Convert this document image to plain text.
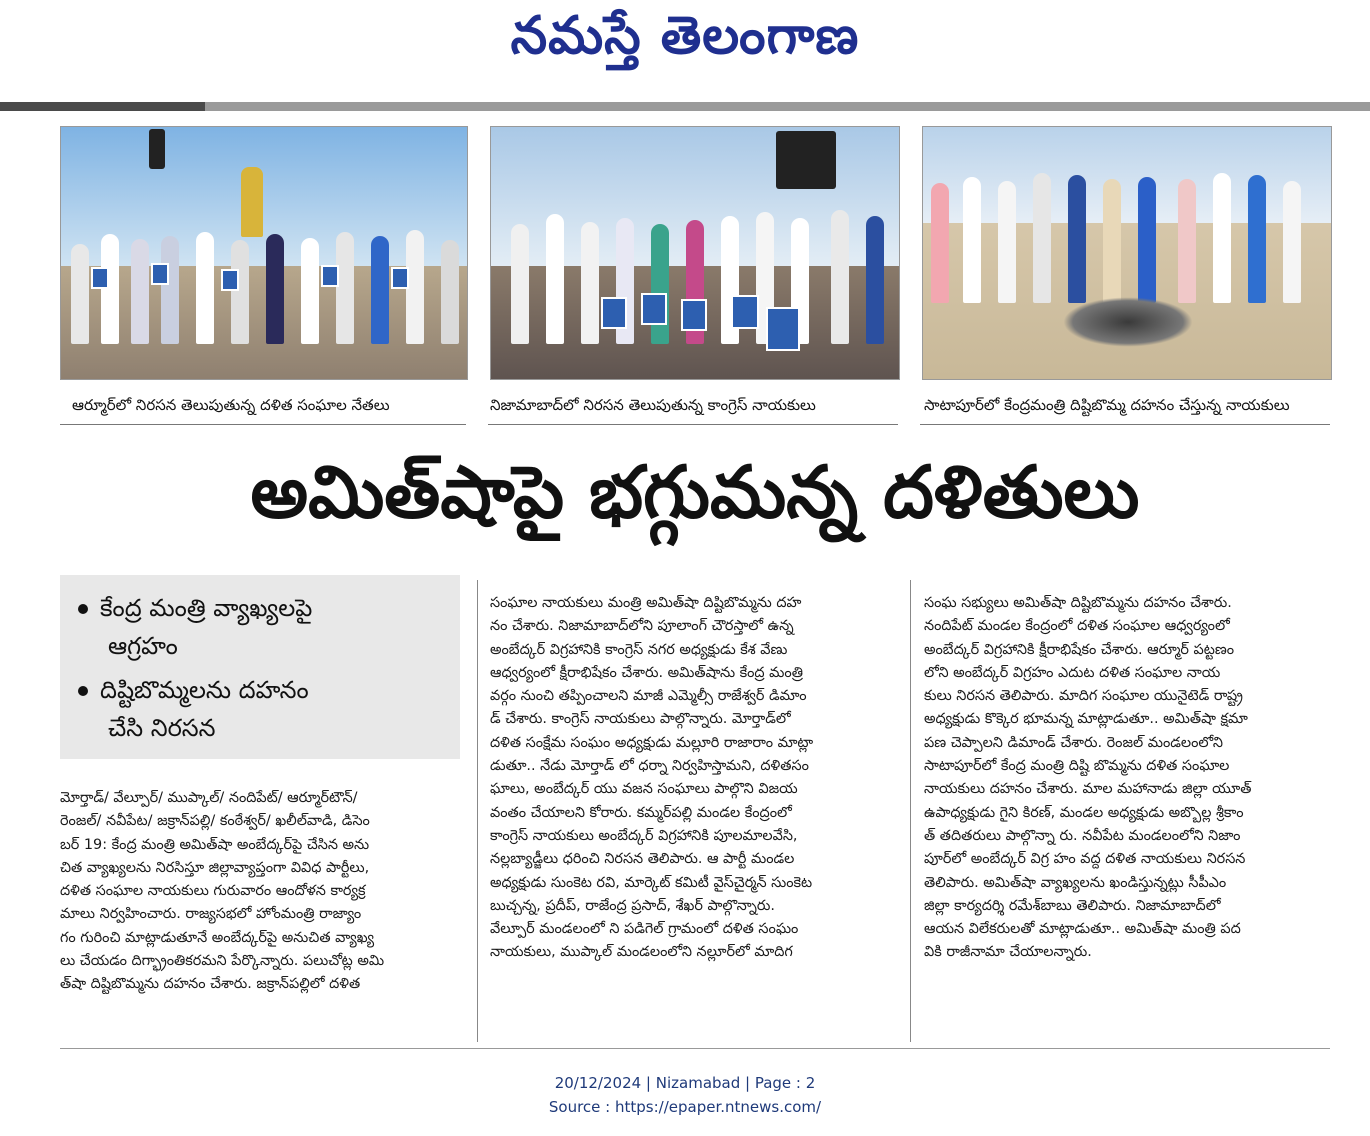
నమస్తే తెలంగాణ
ఆర్మూర్‌లో నిరసన తెలుపుతున్న దళిత సంఘాల నేతలు	నిజామాబాద్‌లో నిరసన తెలుపుతున్న కాంగ్రెస్‌ నాయకులు	సాటాపూర్‌లో కేంద్రమంత్రి దిష్టిబొమ్మ దహనం చేస్తున్న నాయకులు
అమిత్‌షాపై భగ్గుమన్న దళితులు
కేంద్ర మంత్రి వ్యాఖ్యలపై
ఆగ్రహం
దిష్టిబొమ్మలను దహనం
చేసి నిరసన

మోర్తాడ్‌/ వేల్పూర్‌/ ముప్కాల్‌/ నందిపేట్‌/ ఆర్మూర్‌టౌన్‌/

రెంజల్‌/ నవీపేట/ జక్రాన్‌పల్లి/ కంఠేశ్వర్‌/ ఖలీల్‌వాడి, డిసెం

బర్‌ 19: కేంద్ర మంత్రి అమిత్‌షా అంబేద్కర్‌పై చేసిన అను

చిత వ్యాఖ్యలను నిరసిస్తూ జిల్లావ్యాప్తంగా వివిధ పార్టీలు,

దళిత సంఘాల నాయకులు గురువారం ఆందోళన కార్యక్ర

మాలు నిర్వహించారు. రాజ్యసభలో హోంమంత్రి రాజ్యాం

గం గురించి మాట్లాడుతూనే అంబేద్కర్‌పై అనుచిత వ్యాఖ్య

లు చేయడం దిగ్భ్రాంతికరమని పేర్కొన్నారు. పలుచోట్ల అమి

త్‌షా దిష్టిబొమ్మను దహనం చేశారు. జక్రాన్‌పల్లిలో దళిత

సంఘాల నాయకులు మంత్రి అమిత్‌షా దిష్టిబొమ్మను దహ

నం చేశారు. నిజామాబాద్‌లోని పూలాంగ్‌ చౌరస్తాలో ఉన్న

అంబేద్కర్‌ విగ్రహానికి కాంగ్రెస్‌ నగర అధ్యక్షుడు కేశ వేణు

ఆధ్వర్యంలో క్షీరాభిషేకం చేశారు. అమిత్‌షాను కేంద్ర మంత్రి

వర్గం నుంచి తప్పించాలని మాజీ ఎమ్మెల్సీ రాజేశ్వర్‌ డిమాం

డ్‌ చేశారు. కాంగ్రెస్‌ నాయకులు పాల్గొన్నారు. మోర్తాడ్‌లో

దళిత సంక్షేమ సంఘం అధ్యక్షుడు మల్లూరి రాజారాం మాట్లా

డుతూ.. నేడు మోర్తాడ్‌ లో ధర్నా నిర్వహిస్తామని, దళితసం

ఘాలు, అంబేద్కర్‌ యు వజన సంఘాలు పాల్గొని విజయ

వంతం చేయాలని కోరారు. కమ్మర్‌పల్లి మండల కేంద్రంలో

కాంగ్రెస్‌ నాయకులు అంబేద్కర్‌ విగ్రహానికి పూలమాలవేసి,

నల్లబ్యాడ్జీలు ధరించి నిరసన తెలిపారు. ఆ పార్టీ మండల

అధ్యక్షుడు సుంకెట రవి, మార్కెట్‌ కమిటీ వైస్‌చైర్మన్‌ సుంకెట

బుచ్చన్న, ప్రదీప్‌, రాజేంద్ర ప్రసాద్‌, శేఖర్‌ పాల్గొన్నారు.

వేల్పూర్‌ మండలంలో ని పడిగెల్‌ గ్రామంలో దళిత సంఘం

నాయకులు, ముప్కాల్‌ మండలంలోని నల్లూర్‌లో మాదిగ

సంఘ సభ్యులు అమిత్‌షా దిష్టిబొమ్మను దహనం చేశారు.

నందిపేట్‌ మండల కేంద్రంలో దళిత సంఘాల ఆధ్వర్యంలో

అంబేద్కర్‌ విగ్రహానికి క్షీరాభిషేకం చేశారు. ఆర్మూర్‌ పట్టణం

లోని అంబేద్కర్‌ విగ్రహం ఎదుట దళిత సంఘాల నాయ

కులు నిరసన తెలిపారు. మాదిగ సంఘాల యునైటెడ్‌ రాష్ట్ర

అధ్యక్షుడు కొక్కెర భూమన్న మాట్లాడుతూ.. అమిత్‌షా క్షమా

పణ చెప్పాలని డిమాండ్‌ చేశారు. రెంజల్‌ మండలంలోని

సాటాపూర్‌లో కేంద్ర మంత్రి దిష్టి బొమ్మను దళిత సంఘాల

నాయకులు దహనం చేశారు. మాల మహానాడు జిల్లా యూత్‌

ఉపాధ్యక్షుడు గైని కిరణ్‌, మండల అధ్యక్షుడు అబ్బొల్ల శ్రీకాం

త్‌ తదితరులు పాల్గొన్నా రు. నవీపేట మండలంలోని నిజాం

పూర్‌లో అంబేద్కర్‌ విగ్ర హం వద్ద దళిత నాయకులు నిరసన

తెలిపారు. అమిత్‌షా వ్యాఖ్యలను ఖండిస్తున్నట్లు సీపీఎం

జిల్లా కార్యదర్శి రమేశ్‌బాబు తెలిపారు. నిజామాబాద్‌లో

ఆయన విలేకరులతో మాట్లాడుతూ.. అమిత్‌షా మంత్రి పద

వికి రాజీనామా చేయాలన్నారు.

20/12/2024 | Nizamabad | Page : 2
Source : https://epaper.ntnews.com/
